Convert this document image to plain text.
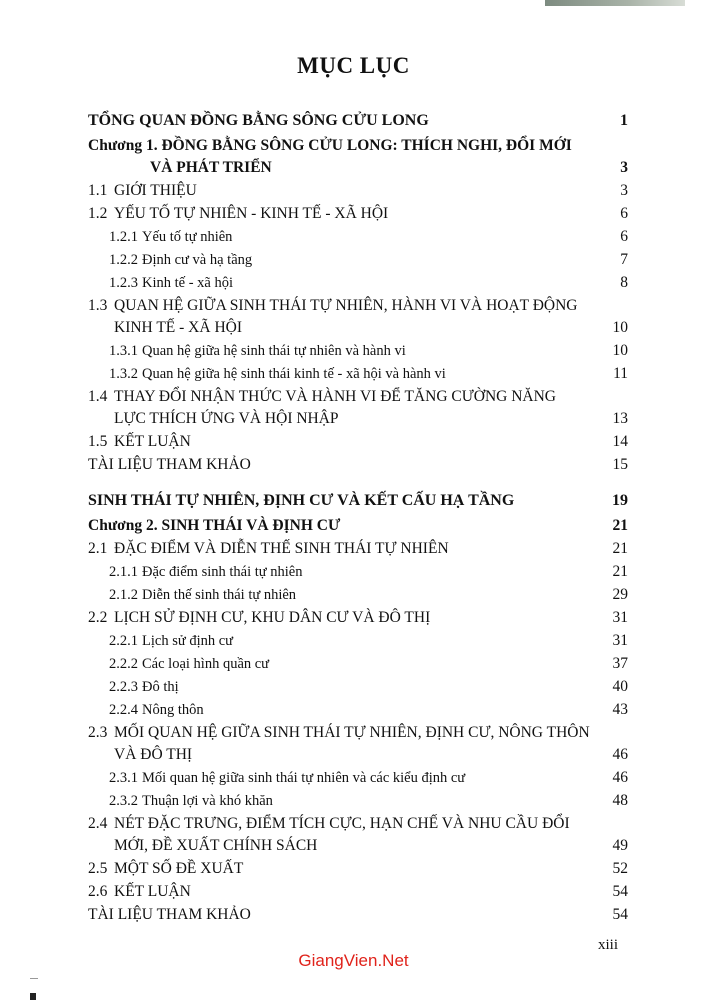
MỤC LỤC
TỔNG QUAN ĐỒNG BẰNG SÔNG CỬU LONG	1
Chương 1. ĐỒNG BẰNG SÔNG CỬU LONG: THÍCH NGHI, ĐỔI MỚI
VÀ PHÁT TRIỂN	3
1.1 GIỚI THIỆU	3
1.2 YẾU TỐ TỰ NHIÊN - KINH TẾ - XÃ HỘI	6
1.2.1 Yếu tố tự nhiên	6
1.2.2 Định cư và hạ tầng	7
1.2.3 Kinh tế - xã hội	8
1.3 QUAN HỆ GIỮA SINH THÁI TỰ NHIÊN, HÀNH VI VÀ HOẠT ĐỘNG
KINH TẾ - XÃ HỘI	10
1.3.1 Quan hệ giữa hệ sinh thái tự nhiên và hành vi	10
1.3.2 Quan hệ giữa hệ sinh thái kinh tế - xã hội và hành vi	11
1.4 THAY ĐỔI NHẬN THỨC VÀ HÀNH VI ĐỂ TĂNG CƯỜNG NĂNG
LỰC THÍCH ỨNG VÀ HỘI NHẬP	13
1.5 KẾT LUẬN	14
TÀI LIỆU THAM KHẢO	15
SINH THÁI TỰ NHIÊN, ĐỊNH CƯ VÀ KẾT CẤU HẠ TẦNG	19
Chương 2. SINH THÁI VÀ ĐỊNH CƯ	21
2.1 ĐẶC ĐIỂM VÀ DIỄN THẾ SINH THÁI TỰ NHIÊN	21
2.1.1 Đặc điểm sinh thái tự nhiên	21
2.1.2 Diễn thế sinh thái tự nhiên	29
2.2 LỊCH SỬ ĐỊNH CƯ, KHU DÂN CƯ VÀ ĐÔ THỊ	31
2.2.1 Lịch sử định cư	31
2.2.2 Các loại hình quần cư	37
2.2.3 Đô thị	40
2.2.4 Nông thôn	43
2.3 MỐI QUAN HỆ GIỮA SINH THÁI TỰ NHIÊN, ĐỊNH CƯ, NÔNG THÔN
VÀ ĐÔ THỊ	46
2.3.1 Mối quan hệ giữa sinh thái tự nhiên và các kiểu định cư	46
2.3.2 Thuận lợi và khó khăn	48
2.4 NÉT ĐẶC TRƯNG, ĐIỂM TÍCH CỰC, HẠN CHẾ VÀ NHU CẦU ĐỔI
MỚI, ĐỀ XUẤT CHÍNH SÁCH	49
2.5 MỘT SỐ ĐỀ XUẤT	52
2.6 KẾT LUẬN	54
TÀI LIỆU THAM KHẢO	54
xiii
GiangVien.Net
